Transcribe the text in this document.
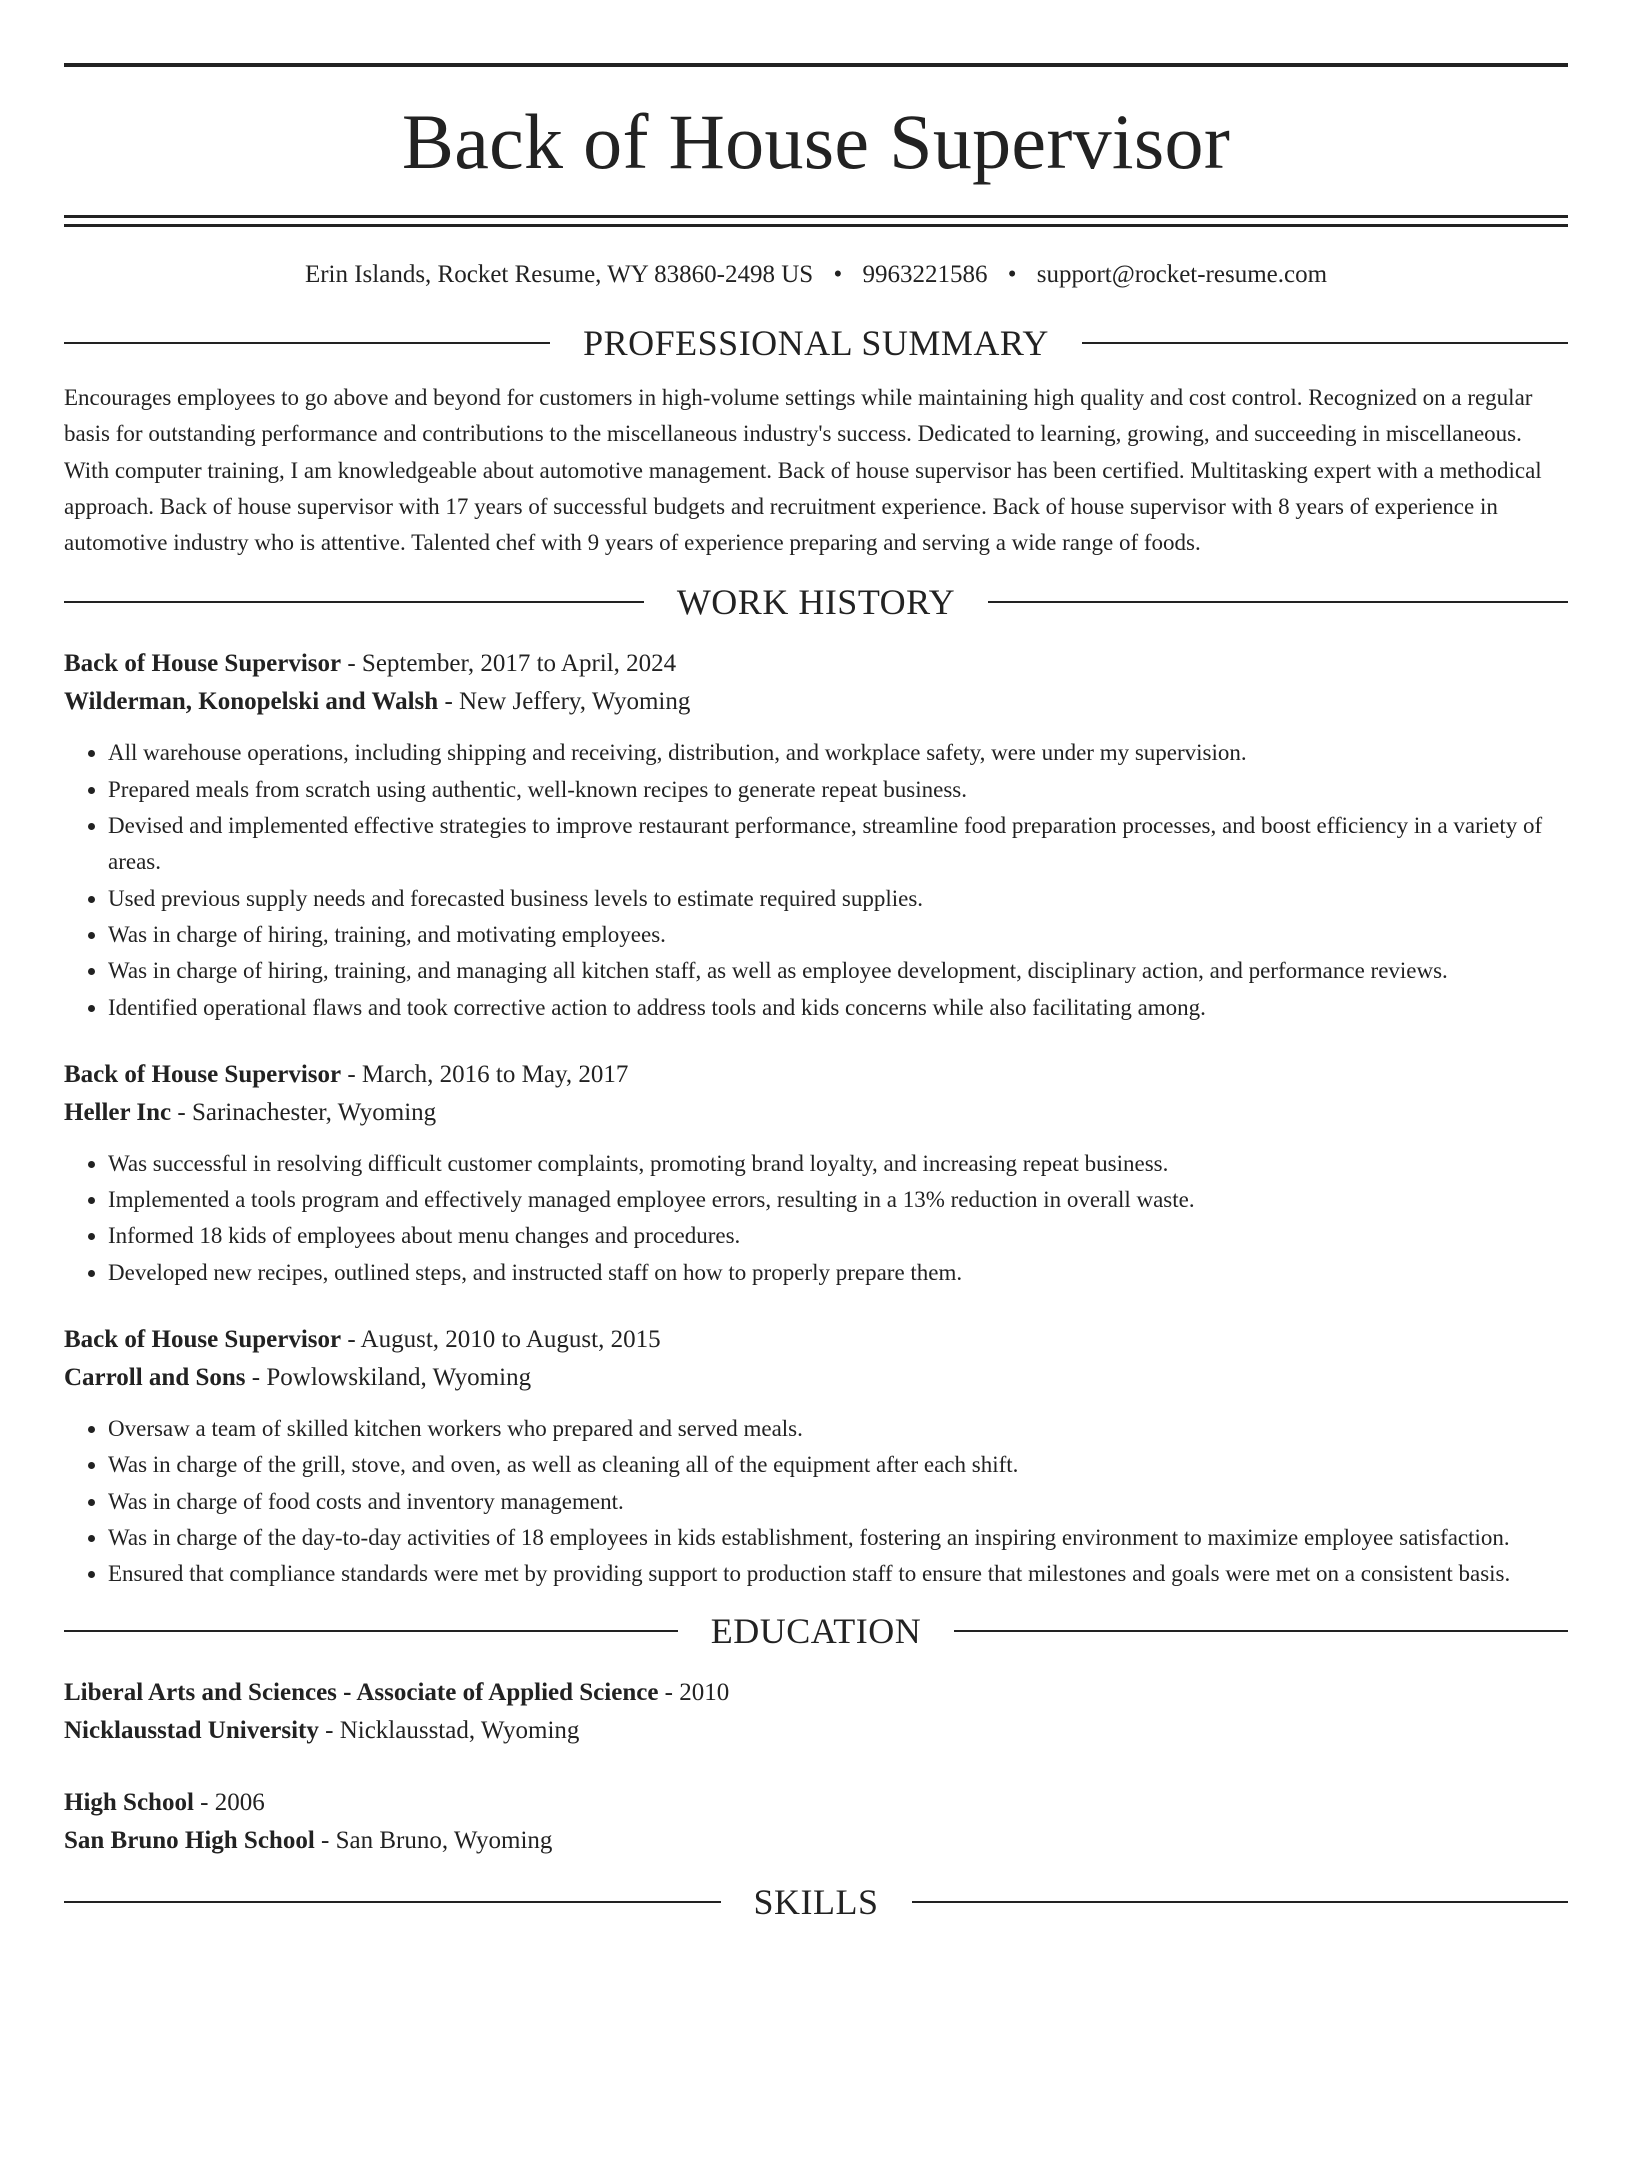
Back of House Supervisor
Erin Islands, Rocket Resume, WY 83860-2498 US • 9963221586 • support@rocket-resume.com
PROFESSIONAL SUMMARY

Encourages employees to go above and beyond for customers in high-volume settings while maintaining high quality and cost control. Recognized on a regular basis for outstanding performance and contributions to the miscellaneous industry's success. Dedicated to learning, growing, and succeeding in miscellaneous. With computer training, I am knowledgeable about automotive management. Back of house supervisor has been certified. Multitasking expert with a methodical approach. Back of house supervisor with 17 years of successful budgets and recruitment experience. Back of house supervisor with 8 years of experience in automotive industry who is attentive. Talented chef with 9 years of experience preparing and serving a wide range of foods.

WORK HISTORY
Back of House Supervisor - September, 2017 to April, 2024
Wilderman, Konopelski and Walsh - New Jeffery, Wyoming
• All warehouse operations, including shipping and receiving, distribution, and workplace safety, were under my supervision.
• Prepared meals from scratch using authentic, well-known recipes to generate repeat business.
• Devised and implemented effective strategies to improve restaurant performance, streamline food preparation processes, and boost efficiency in a variety of areas.
• Used previous supply needs and forecasted business levels to estimate required supplies.
• Was in charge of hiring, training, and motivating employees.
• Was in charge of hiring, training, and managing all kitchen staff, as well as employee development, disciplinary action, and performance reviews.
• Identified operational flaws and took corrective action to address tools and kids concerns while also facilitating among.
Back of House Supervisor - March, 2016 to May, 2017
Heller Inc - Sarinachester, Wyoming
• Was successful in resolving difficult customer complaints, promoting brand loyalty, and increasing repeat business.
• Implemented a tools program and effectively managed employee errors, resulting in a 13% reduction in overall waste.
• Informed 18 kids of employees about menu changes and procedures.
• Developed new recipes, outlined steps, and instructed staff on how to properly prepare them.
Back of House Supervisor - August, 2010 to August, 2015
Carroll and Sons - Powlowskiland, Wyoming
• Oversaw a team of skilled kitchen workers who prepared and served meals.
• Was in charge of the grill, stove, and oven, as well as cleaning all of the equipment after each shift.
• Was in charge of food costs and inventory management.
• Was in charge of the day-to-day activities of 18 employees in kids establishment, fostering an inspiring environment to maximize employee satisfaction.
• Ensured that compliance standards were met by providing support to production staff to ensure that milestones and goals were met on a consistent basis.
EDUCATION
Liberal Arts and Sciences - Associate of Applied Science - 2010
Nicklausstad University - Nicklausstad, Wyoming
High School - 2006
San Bruno High School - San Bruno, Wyoming
SKILLS
